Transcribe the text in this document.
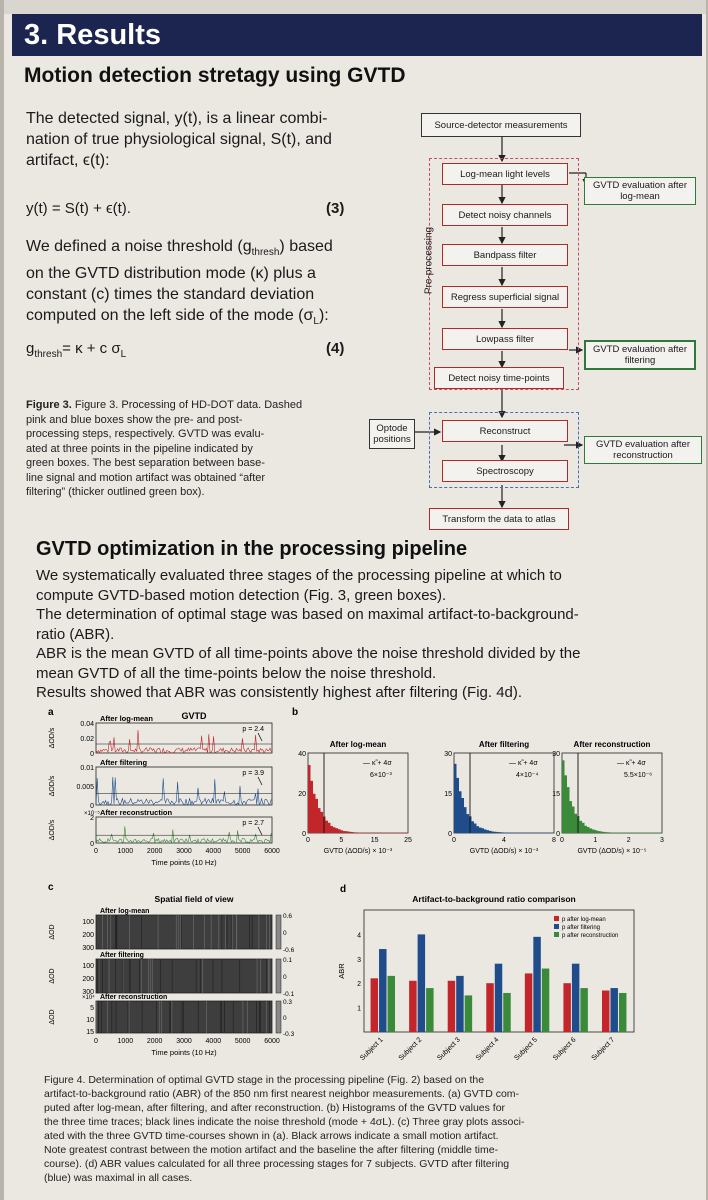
3. Results
Motion detection stretagy using GVTD
The detected signal, y(t), is a linear combi-
nation of true physiological signal, S(t), and
artifact, ϵ(t):
y(t) = S(t) + ϵ(t).	(3)
We defined a noise threshold $(g_{thresh})$ based
on the GVTD distribution mode (κ) plus a
constant (c) times the standard deviation
computed on the left side of the mode $(\sigma_L)$:
$g_{thresh}= \kappa + c$ $\sigma_L$	(4)
Figure 3. Figure 3. Processing of HD-DOT data. Dashed
pink and blue boxes show the pre- and post-
processing steps, respectively. GVTD was evalu-
ated at three points in the pipeline indicated by
green boxes. The best separation between base-
line signal and motion artifact was obtained “after
filtering” (thicker outlined green box).
Source-detector measurements
Pre-processing
Log-mean light levels
Detect noisy channels
Bandpass filter
Regress superficial signal
Lowpass filter
Detect noisy time-points
GVTD evaluation after log-mean
GVTD evaluation after filtering
Optode positions
Reconstruct
Spectroscopy
GVTD evaluation after reconstruction
Transform the data to atlas
GVTD optimization in the processing pipeline
We systematically evaluated three stages of the processing pipeline at which to
compute GVTD-based motion detection (Fig. 3, green boxes).
The determination of optimal stage was based on maximal artifact-to-background-
ratio (ABR).
ABR is the mean GVTD of all time-points above the noise threshold divided by the
mean GVTD of all the time-points below the noise threshold.
Results showed that ABR was consistently highest after filtering (Fig. 4d).
a	GVTD
After log-mean
0.04
0.02
0
ΔOD/s	p = 2.4
After filtering
0.01
0.005
0
ΔOD/s
p = 3.9
After reconstruction
2
0
ΔOD/s
×10⁻⁵
p = 2.7
0	1000 2000 3000 4000 5000 6000
Time points (10 Hz)
b
After log-mean
40
20
0
— κ̃ + 4σ
6×10⁻³
0	5	15	25
GVTD (ΔOD/s) × 10⁻³
After filtering
30
15
0
— κ̃ + 4σ
4×10⁻⁴
0	4	8
GVTD (ΔOD/s) × 10⁻³
After reconstruction
30
15
0
— κ̃ + 4σ
5.5×10⁻⁶
0	1	2	3
GVTD (ΔOD/s) × 10⁻⁵
c
Spatial field of view
After log-mean
100
200
300
ΔOD
0.6
0
-0.6
After filtering
100
200
300
ΔOD
0.1
0
-0.1
After reconstruction
5
10
15
ΔOD
×10⁴
0.3
0
-0.3
0	1000 2000 3000 4000 5000 6000
Time points (10 Hz)
d
Artifact-to-background ratio comparison
1
2
3
4
ABR
Subject 1 Subject 2 Subject 3 Subject 4 Subject 5 Subject 6 Subject 7
p after log-mean
p after filtering
p after reconstruction
Figure 4. Determination of optimal GVTD stage in the processing pipeline (Fig. 2) based on the
artifact-to-background ratio (ABR) of the 850 nm first nearest neighbor measurements. (a) GVTD com-
puted after log-mean, after filtering, and after reconstruction. (b) Histograms of the GVTD values for
the three time traces; black lines indicate the noise threshold (mode + 4σL). (c) Three gray plots associ-
ated with the three GVTD time-courses shown in (a). Black arrows indicate a small motion artifact.
Note greatest contrast between the motion artifact and the baseline the after filtering (middle time-
course). (d) ABR values calculated for all three processing stages for 7 subjects. GVTD after filtering
(blue) was maximal in all cases.
